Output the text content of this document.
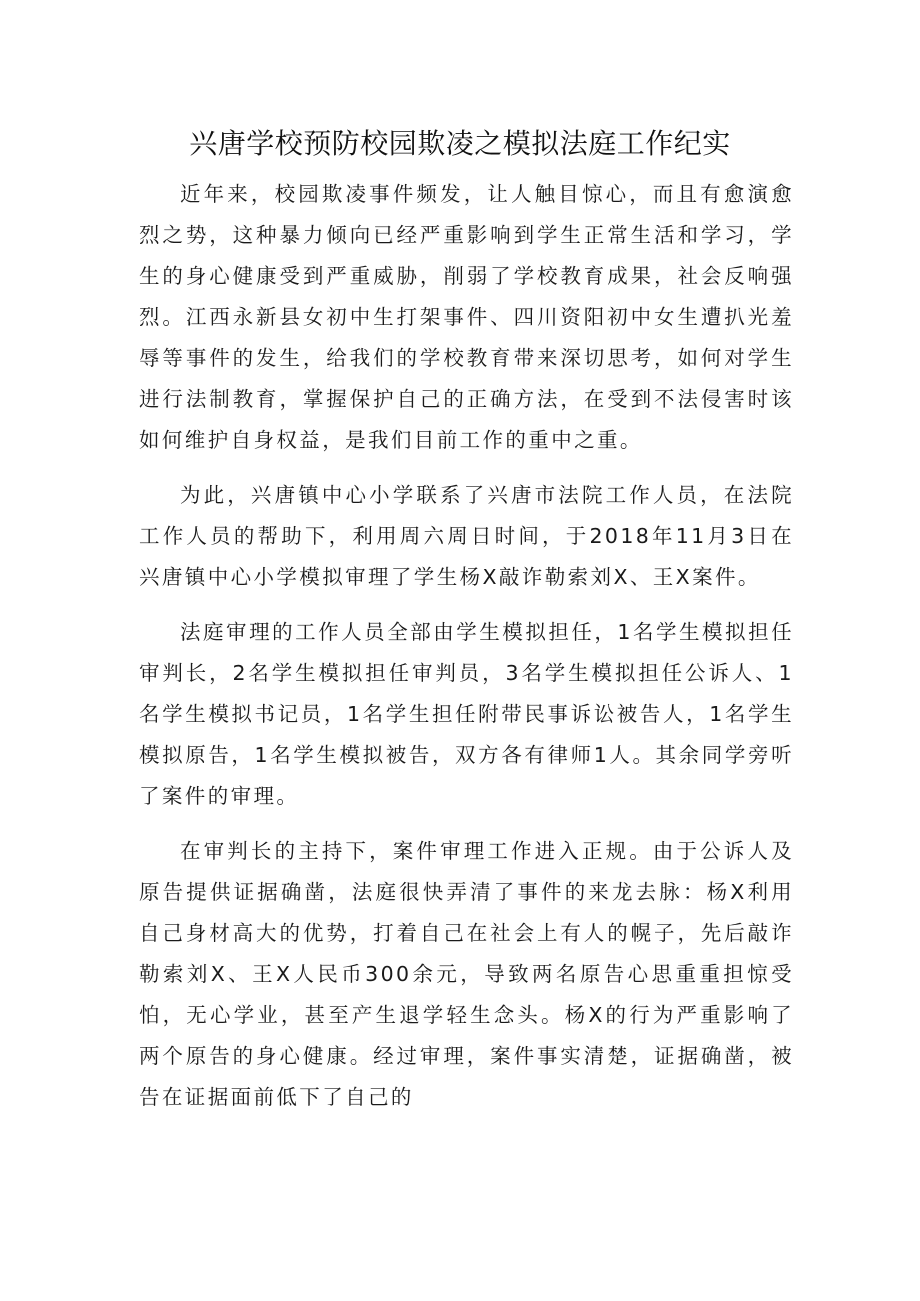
兴唐学校预防校园欺凌之模拟法庭工作纪实

近年来，校园欺凌事件频发，让人触目惊心，而且有愈演愈烈之势，这种暴力倾向已经严重影响到学生正常生活和学习，学生的身心健康受到严重威胁，削弱了学校教育成果，社会反响强烈。江西永新县女初中生打架事件、四川资阳初中女生遭扒光羞辱等事件的发生，给我们的学校教育带来深切思考，如何对学生进行法制教育，掌握保护自己的正确方法，在受到不法侵害时该如何维护自身权益，是我们目前工作的重中之重。

为此，兴唐镇中心小学联系了兴唐市法院工作人员，在法院工作人员的帮助下，利用周六周日时间，于2018年11月3日在兴唐镇中心小学模拟审理了学生杨X敲诈勒索刘X、王X案件。

法庭审理的工作人员全部由学生模拟担任，1名学生模拟担任审判长，2名学生模拟担任审判员，3名学生模拟担任公诉人、1名学生模拟书记员，1名学生担任附带民事诉讼被告人，1名学生模拟原告，1名学生模拟被告，双方各有律师1人。其余同学旁听了案件的审理。

在审判长的主持下，案件审理工作进入正规。由于公诉人及原告提供证据确凿，法庭很快弄清了事件的来龙去脉：杨X利用自己身材高大的优势，打着自己在社会上有人的幌子，先后敲诈勒索刘X、王X人民币300余元，导致两名原告心思重重担惊受怕，无心学业，甚至产生退学轻生念头。杨X的行为严重影响了两个原告的身心健康。经过审理，案件事实清楚，证据确凿，被告在证据面前低下了自己的
